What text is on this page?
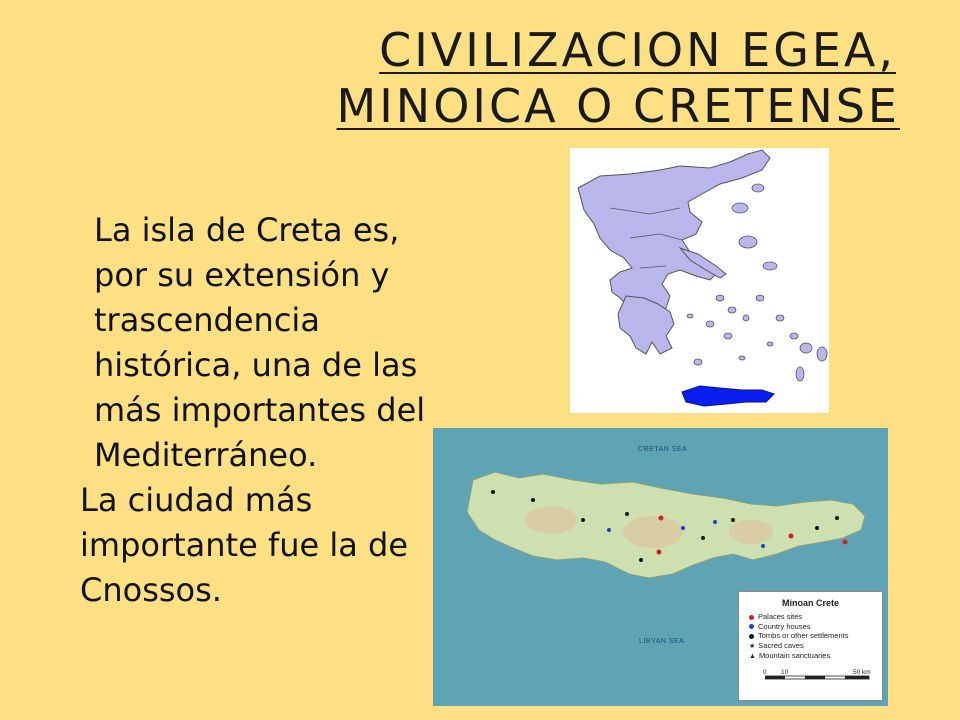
CIVILIZACION EGEA,
MINOICA O CRETENSE

La isla de Creta es, por su extensión y trascendencia histórica, una de las más importantes del Mediterráneo.

La ciudad más importante fue la de Cnossos.

CRETAN SEA
LIBYAN SEA
Minoan Crete
Palaces sites
Country houses
Tombs or other settlements
★ Sacred caves
▲ Mountain sanctuaries
0 10	50 km
